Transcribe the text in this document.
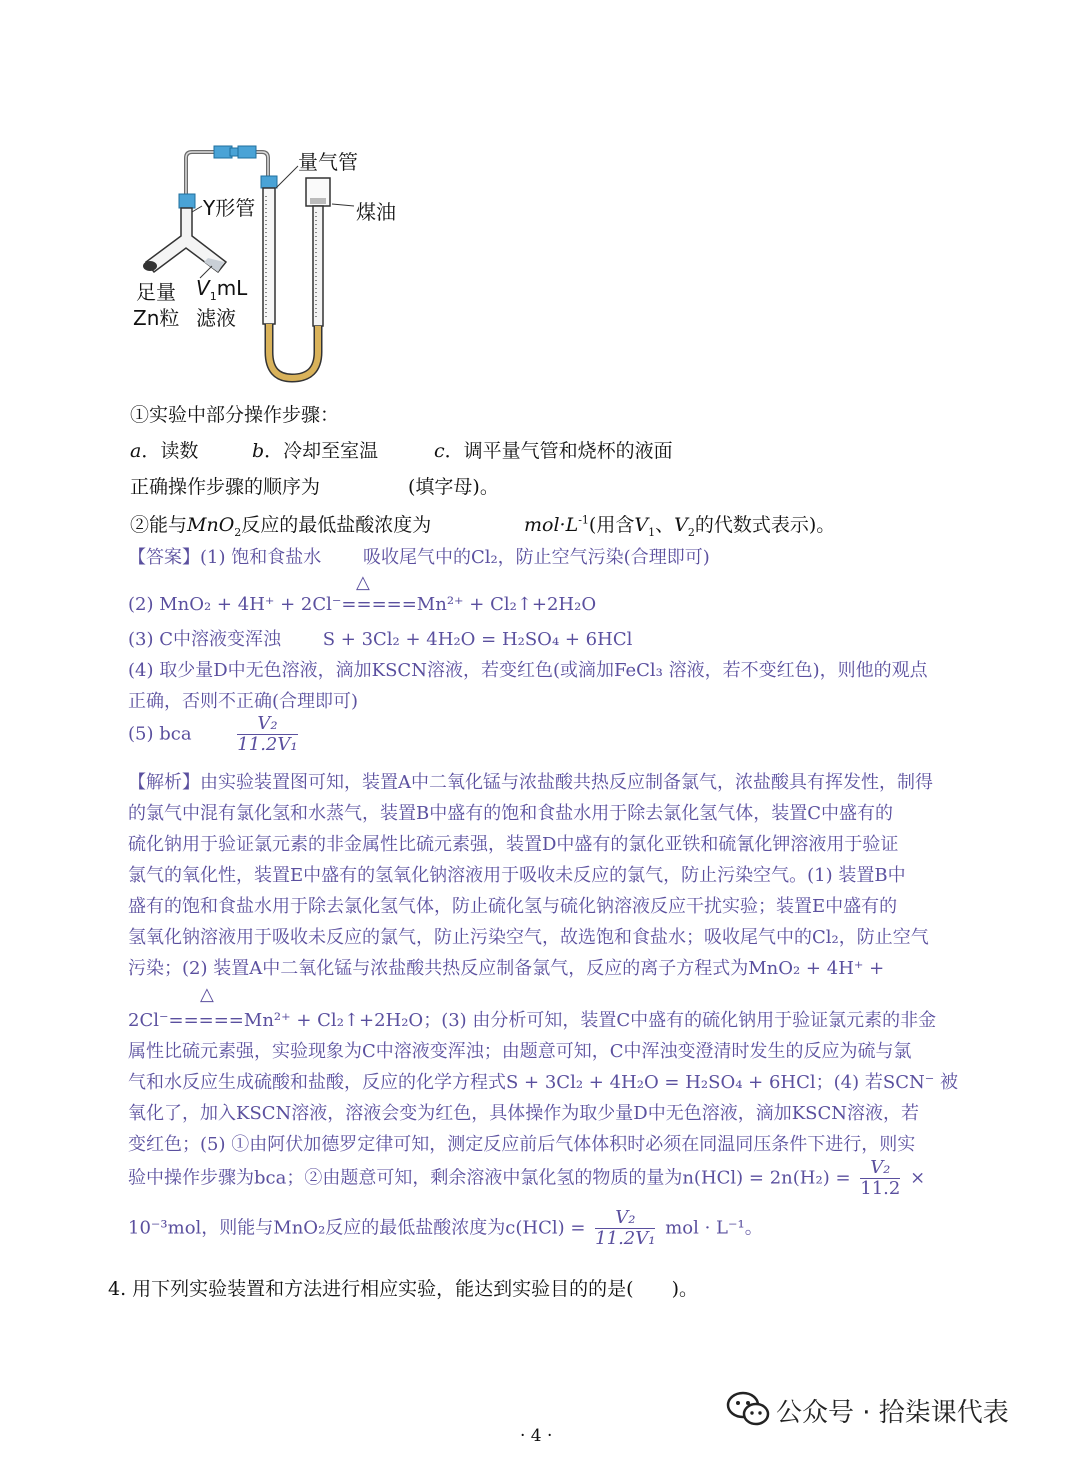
量气管
Y形管	煤油
足量
Zn粒
$V_1mL$
滤液
①实验中部分操作步骤：
a．读数	b．冷却至室温	c．调平量气管和烧杯的液面
正确操作步骤的顺序为	(填字母)。
②能与MnO$_2$反应的最低盐酸浓度为	$mol\cdot L^{-1}$(用含$V_1$、$V_2$的代数式表示)。
【答案】(1) 饱和食盐水　　 吸收尾气中的Cl₂，防止空气污染(合理即可)
△
(2) MnO₂ + 4H⁺ + 2Cl⁻=====Mn²⁺ + Cl₂↑+2H₂O
(3) C中溶液变浑浊　　 S + 3Cl₂ + 4H₂O = H₂SO₄ + 6HCl
(4) 取少量D中无色溶液，滴加KSCN溶液，若变红色(或滴加FeCl₃ 溶液，若不变红色)，则他的观点
正确，否则不正确(合理即可)
(5) bca	$\frac{\text{V₂}}{\text{11.2V₁}}$
【解析】由实验装置图可知，装置A中二氧化锰与浓盐酸共热反应制备氯气，浓盐酸具有挥发性，制得
的氯气中混有氯化氢和水蒸气，装置B中盛有的饱和食盐水用于除去氯化氢气体，装置C中盛有的
硫化钠用于验证氯元素的非金属性比硫元素强，装置D中盛有的氯化亚铁和硫氰化钾溶液用于验证
氯气的氧化性，装置E中盛有的氢氧化钠溶液用于吸收未反应的氯气，防止污染空气。(1) 装置B中
盛有的饱和食盐水用于除去氯化氢气体，防止硫化氢与硫化钠溶液反应干扰实验；装置E中盛有的
氢氧化钠溶液用于吸收未反应的氯气，防止污染空气，故选饱和食盐水；吸收尾气中的Cl₂，防止空气
污染；(2) 装置A中二氧化锰与浓盐酸共热反应制备氯气，反应的离子方程式为MnO₂ + 4H⁺ +
△
2Cl⁻=====Mn²⁺ + Cl₂↑+2H₂O；(3) 由分析可知，装置C中盛有的硫化钠用于验证氯元素的非金
属性比硫元素强，实验现象为C中溶液变浑浊；由题意可知，C中浑浊变澄清时发生的反应为硫与氯
气和水反应生成硫酸和盐酸，反应的化学方程式S + 3Cl₂ + 4H₂O = H₂SO₄ + 6HCl；(4) 若SCN⁻ 被
氧化了，加入KSCN溶液，溶液会变为红色，具体操作为取少量D中无色溶液，滴加KSCN溶液，若
变红色；(5) ①由阿伏加德罗定律可知，测定反应前后气体体积时必须在同温同压条件下进行，则实
验中操作步骤为bca；②由题意可知，剩余溶液中氯化氢的物质的量为$n(HCl) = 2n(H_2) = \frac{\text{V₂}}{11.2}$ ×
10⁻³mol，则能与MnO₂反应的最低盐酸浓度为$c(HCl) = \frac{\text{V₂}}{\text{11.2V₁}}$ mol · L⁻¹。
4. 用下列实验装置和方法进行相应实验，能达到实验目的的是(　　)。
公众号 · 拾柒课代表
· 4 ·
